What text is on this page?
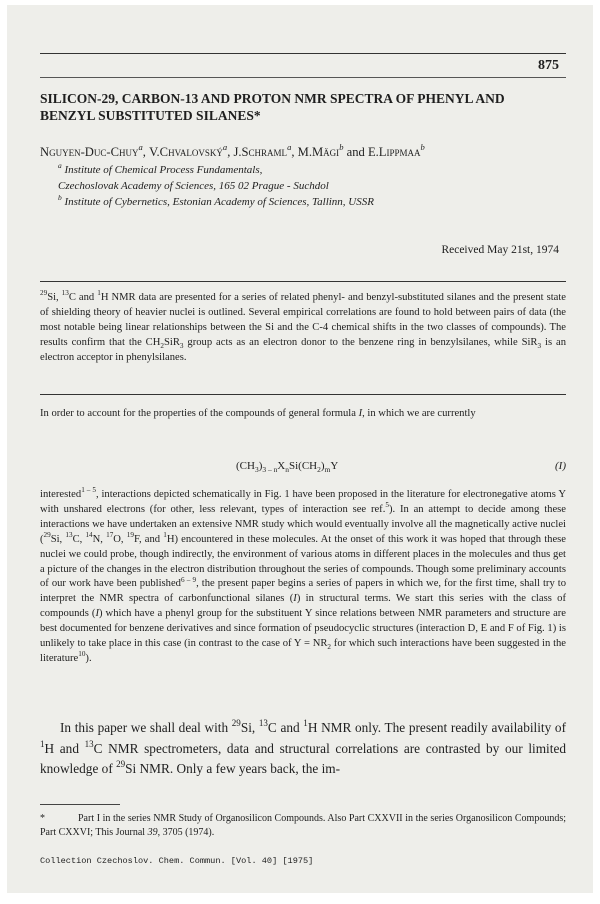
875
SILICON-29, CARBON-13 AND PROTON NMR SPECTRA OF PHENYL AND BENZYL SUBSTITUTED SILANES*

Nguyen-Duc-Chuy$^a$, V.Chvalovský$^a$, J.Schraml$^a$, M.Mägi$^b$ and E.Lippmaa$^b$

$^a$ Institute of Chemical Process Fundamentals,
Czechoslovak Academy of Sciences, 165 02 Prague - Suchdol
$^b$ Institute of Cybernetics, Estonian Academy of Sciences, Tallinn, USSR
Received May 21st, 1974

$^{29}$Si, $^{13}$C and $^1$H NMR data are presented for a series of related phenyl- and benzyl-substituted silanes and the present state of shielding theory of heavier nuclei is outlined. Several empirical correlations are found to hold between pairs of data (the most notable being linear relationships between the Si and the C-4 chemical shifts in the two classes of compounds). The results confirm that the $CH_2SiR_3$ group acts as an electron donor to the benzene ring in benzylsilanes, while SiR$_3$ is an electron acceptor in phenylsilanes.

In order to account for the properties of the compounds of general formula I, in which we are currently

$(CH_3)_{3 - n}X_nSi(CH_2)_mY$	(I)

interested$^{1 - 5}$, interactions depicted schematically in Fig. 1 have been proposed in the literature for electronegative atoms Y with unshared electrons (for other, less relevant, types of interaction see ref.$^5$). In an attempt to decide among these interactions we have undertaken an extensive NMR study which would eventually involve all the magnetically active nuclei ($^{29}$Si, $^{13}$C, $^{14}$N, $^{17}$O, $^{19}$F, and $^1$H) encountered in these molecules. At the onset of this work it was hoped that through these nuclei we could probe, though indirectly, the environment of various atoms in different places in the molecules and thus get a picture of the changes in the electron distribution throughout the series of compounds. Though some preliminary accounts of our work have been published$^{6 - 9}$, the present paper begins a series of papers in which we, for the first time, shall try to interpret the NMR spectra of carbonfunctional silanes (I) in structural terms. We start this series with the class of compounds (I) which have a phenyl group for the substituent Y since relations between NMR parameters and structure are best documented for benzene derivatives and since formation of pseudocyclic structures (interaction D, E and F of Fig. 1) is unlikely to take place in this case (in contrast to the case of $Y = NR_2$ for which such interactions have been suggested in the literature$^{10}$).

In this paper we shall deal with $^{29}$Si, $^{13}$C and $^1$H NMR only. The present readily availability of $^1$H and $^{13}$C NMR spectrometers, data and structural correlations are contrasted by our limited knowledge of $^{29}$Si NMR. Only a few years back, the im-

*	Part I in the series NMR Study of Organosilicon Compounds. Also Part CXXVII in the series Organosilicon Compounds; Part CXXVI; This Journal 39, 3705 (1974).

Collection Czechoslov. Chem. Commun. [Vol. 40] [1975]
